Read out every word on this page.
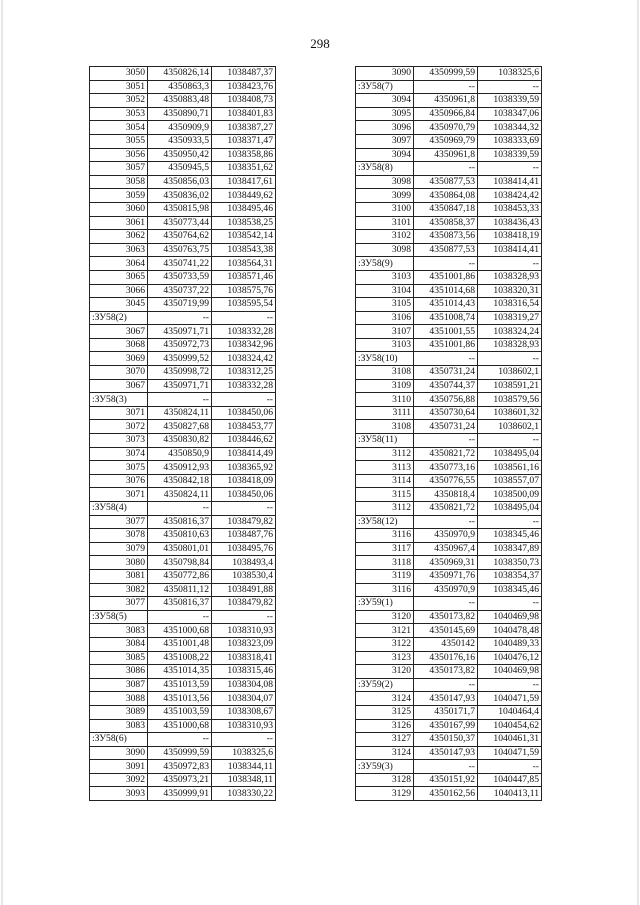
298
3050	4350826,14	1038487,37
3051	4350863,3	1038423,76
3052	4350883,48	1038408,73
3053	4350890,71	1038401,83
3054	4350909,9	1038387,27
3055	4350933,5	1038371,47
3056	4350950,42	1038358,86
3057	4350945,5	1038351,62
3058	4350856,03	1038417,61
3059	4350836,02	1038449,62
3060	4350815,98	1038495,46
3061	4350773,44	1038538,25
3062	4350764,62	1038542,14
3063	4350763,75	1038543,38
3064	4350741,22	1038564,31
3065	4350733,59	1038571,46
3066	4350737,22	1038575,76
3045	4350719,99	1038595,54
:ЗУ58(2)	--	--
3067	4350971,71	1038332,28
3068	4350972,73	1038342,96
3069	4350999,52	1038324,42
3070	4350998,72	1038312,25
3067	4350971,71	1038332,28
:ЗУ58(3)	--	--
3071	4350824,11	1038450,06
3072	4350827,68	1038453,77
3073	4350830,82	1038446,62
3074	4350850,9	1038414,49
3075	4350912,93	1038365,92
3076	4350842,18	1038418,09
3071	4350824,11	1038450,06
:ЗУ58(4)	--	--
3077	4350816,37	1038479,82
3078	4350810,63	1038487,76
3079	4350801,01	1038495,76
3080	4350798,84	1038493,4
3081	4350772,86	1038530,4
3082	4350811,12	1038491,88
3077	4350816,37	1038479,82
:ЗУ58(5)	--	--
3083	4351000,68	1038310,93
3084	4351001,48	1038323,09
3085	4351008,22	1038318,41
3086	4351014,35	1038315,46
3087	4351013,59	1038304,08
3088	4351013,56	1038304,07
3089	4351003,59	1038308,67
3083	4351000,68	1038310,93
:ЗУ58(6)	--	--
3090	4350999,59	1038325,6
3091	4350972,83	1038344,11
3092	4350973,21	1038348,11
3093	4350999,91	1038330,22
3090	4350999,59	1038325,6
:ЗУ58(7)	--	--
3094	4350961,8	1038339,59
3095	4350966,84	1038347,06
3096	4350970,79	1038344,32
3097	4350969,79	1038333,69
3094	4350961,8	1038339,59
:ЗУ58(8)	--	--
3098	4350877,53	1038414,41
3099	4350864,08	1038424,42
3100	4350847,18	1038453,33
3101	4350858,37	1038436,43
3102	4350873,56	1038418,19
3098	4350877,53	1038414,41
:ЗУ58(9)	--	--
3103	4351001,86	1038328,93
3104	4351014,68	1038320,31
3105	4351014,43	1038316,54
3106	4351008,74	1038319,27
3107	4351001,55	1038324,24
3103	4351001,86	1038328,93
:ЗУ58(10)	--	--
3108	4350731,24	1038602,1
3109	4350744,37	1038591,21
3110	4350756,88	1038579,56
3111	4350730,64	1038601,32
3108	4350731,24	1038602,1
:ЗУ58(11)	--	--
3112	4350821,72	1038495,04
3113	4350773,16	1038561,16
3114	4350776,55	1038557,07
3115	4350818,4	1038500,09
3112	4350821,72	1038495,04
:ЗУ58(12)	--	--
3116	4350970,9	1038345,46
3117	4350967,4	1038347,89
3118	4350969,31	1038350,73
3119	4350971,76	1038354,37
3116	4350970,9	1038345,46
:ЗУ59(1)	--	--
3120	4350173,82	1040469,98
3121	4350145,69	1040478,48
3122	4350142	1040489,33
3123	4350176,16	1040476,12
3120	4350173,82	1040469,98
:ЗУ59(2)	--	--
3124	4350147,93	1040471,59
3125	4350171,7	1040464,4
3126	4350167,99	1040454,62
3127	4350150,37	1040461,31
3124	4350147,93	1040471,59
:ЗУ59(3)	--	--
3128	4350151,92	1040447,85
3129	4350162,56	1040413,11
